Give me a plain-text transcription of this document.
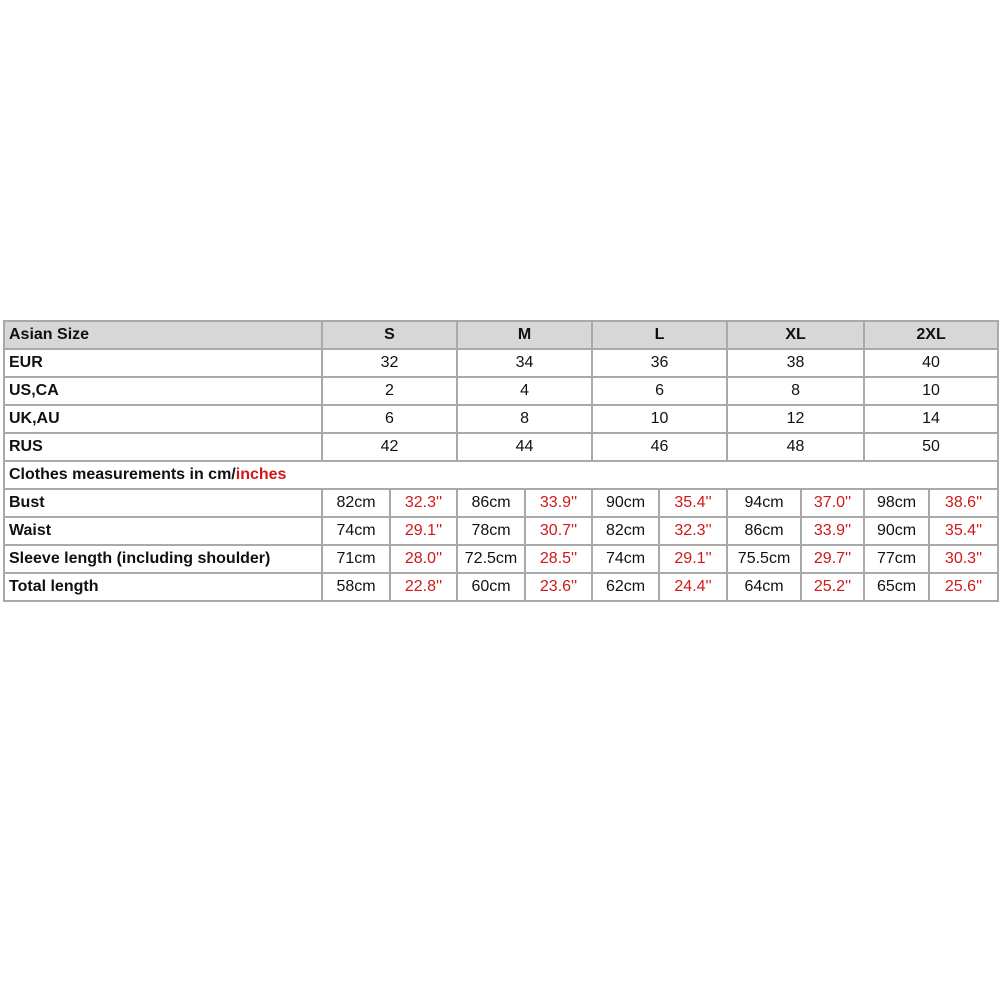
Asian Size	S		M		L		XL		2XL	
EUR	32		34		36		38		40	
US,CA	2		4		6		8		10	
UK,AU	6		8		10		12		14	
RUS	42		44		46		48		50	
Clothes measurements in cm/inches										
Bust	82cm	32.3''	86cm	33.9''	90cm	35.4''	94cm	37.0''	98cm	38.6''
Waist	74cm	29.1''	78cm	30.7''	82cm	32.3''	86cm	33.9''	90cm	35.4''
Sleeve length (including shoulder)	71cm	28.0''	72.5cm	28.5''	74cm	29.1''	75.5cm	29.7''	77cm	30.3''
Total length	58cm	22.8''	60cm	23.6''	62cm	24.4''	64cm	25.2''	65cm	25.6''
